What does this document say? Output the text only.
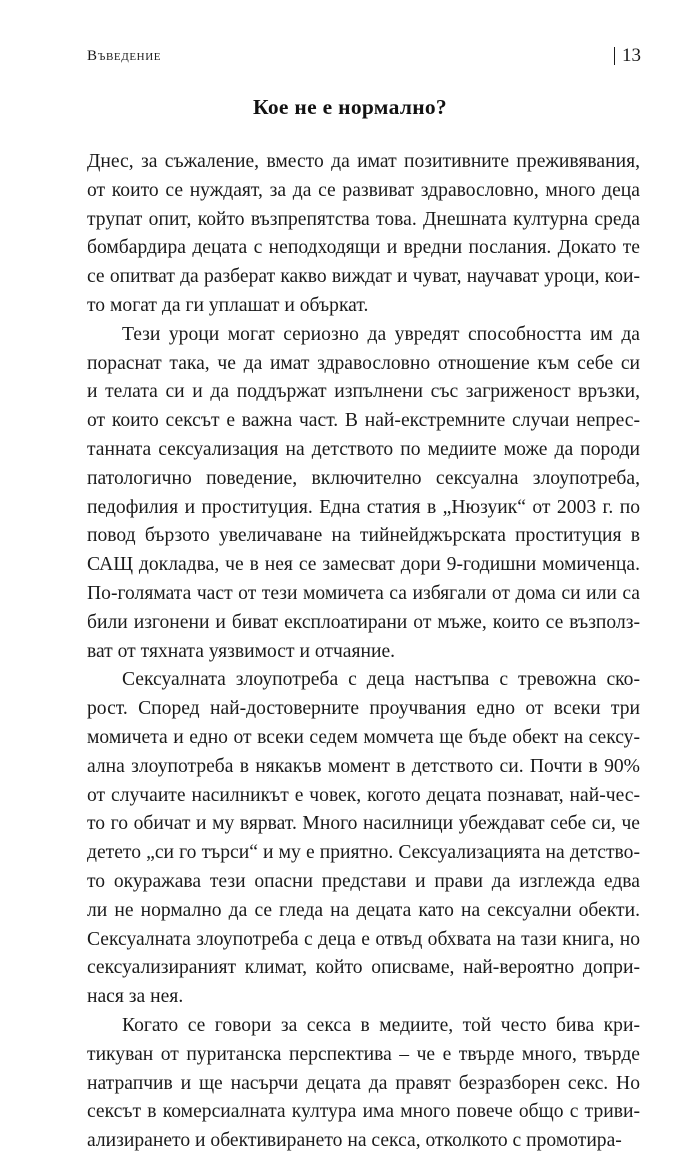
Въведение	13
Кое не е нормално?

Днес, за съжаление, вместо да имат позитивните преживявания,
от които се нуждаят, за да се развиват здравословно, много деца
трупат опит, който възпрепятства това. Днешната културна среда
бомбардира децата с неподходящи и вредни послания. Докато те
се опитват да разберат какво виждат и чуват, научават уроци, кои-
то могат да ги уплашат и объркат.

Тези уроци могат сериозно да увредят способността им да
пораснат така, че да имат здравословно отношение към себе си
и телата си и да поддържат изпълнени със загриженост връзки,
от които сексът е важна част. В най-екстремните случаи непрес-
танната сексуализация на детството по медиите може да породи
патологично поведение, включително сексуална злоупотреба,
педофилия и проституция. Една статия в „Нюзуик“ от 2003 г. по
повод бързото увеличаване на тийнейджърската проституция в
САЩ докладва, че в нея се замесват дори 9-годишни момиченца.
По-голямата част от тези момичета са избягали от дома си или са
били изгонени и биват експлоатирани от мъже, които се възполз-
ват от тяхната уязвимост и отчаяние.

Сексуалната злоупотреба с деца настъпва с тревожна ско-
рост. Според най-достоверните проучвания едно от всеки три
момичета и едно от всеки седем момчета ще бъде обект на сексу-
ална злоупотреба в някакъв момент в детството си. Почти в 90%
от случаите насилникът е човек, когото децата познават, най-чес-
то го обичат и му вярват. Много насилници убеждават себе си, че
детето „си го търси“ и му е приятно. Сексуализацията на детство-
то окуражава тези опасни представи и прави да изглежда едва
ли не нормално да се гледа на децата като на сексуални обекти.
Сексуалната злоупотреба с деца е отвъд обхвата на тази книга, но
сексуализираният климат, който описваме, най-вероятно допри-
нася за нея.

Когато се говори за секса в медиите, той често бива кри-
тикуван от пуританска перспектива – че е твърде много, твърде
натрапчив и ще насърчи децата да правят безразборен секс. Но
сексът в комерсиалната култура има много повече общо с триви-
ализирането и обективирането на секса, отколкото с промотира-
